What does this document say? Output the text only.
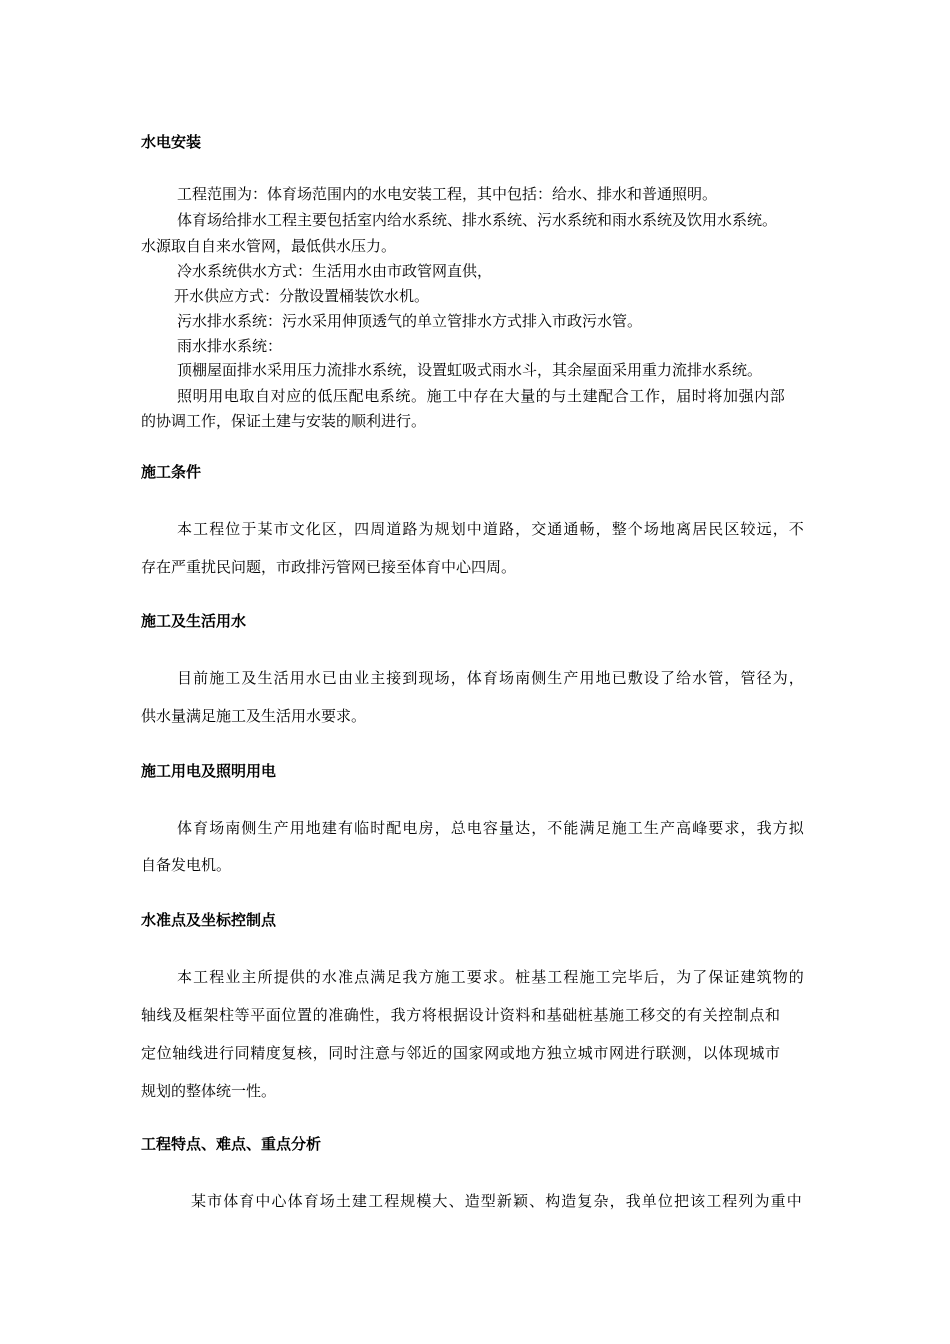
水电安装
工程范围为：体育场范围内的水电安装工程，其中包括：给水、排水和普通照明。
体育场给排水工程主要包括室内给水系统、排水系统、污水系统和雨水系统及饮用水系统。
水源取自自来水管网，最低供水压力。
冷水系统供水方式：生活用水由市政管网直供，
开水供应方式：分散设置桶装饮水机。
污水排水系统：污水采用伸顶透气的单立管排水方式排入市政污水管。
雨水排水系统：
顶棚屋面排水采用压力流排水系统，设置虹吸式雨水斗，其余屋面采用重力流排水系统。
照明用电取自对应的低压配电系统。施工中存在大量的与土建配合工作，届时将加强内部
的协调工作，保证土建与安装的顺利进行。
施工条件
本工程位于某市文化区，四周道路为规划中道路，交通通畅，整个场地离居民区较远，不
存在严重扰民问题，市政排污管网已接至体育中心四周。
施工及生活用水
目前施工及生活用水已由业主接到现场，体育场南侧生产用地已敷设了给水管，管径为，
供水量满足施工及生活用水要求。
施工用电及照明用电
体育场南侧生产用地建有临时配电房，总电容量达，不能满足施工生产高峰要求，我方拟
自备发电机。
水准点及坐标控制点
本工程业主所提供的水准点满足我方施工要求。桩基工程施工完毕后，为了保证建筑物的
轴线及框架柱等平面位置的准确性，我方将根据设计资料和基础桩基施工移交的有关控制点和
定位轴线进行同精度复核，同时注意与邻近的国家网或地方独立城市网进行联测，以体现城市
规划的整体统一性。
工程特点、难点、重点分析
某市体育中心体育场土建工程规模大、造型新颖、构造复杂，我单位把该工程列为重中
